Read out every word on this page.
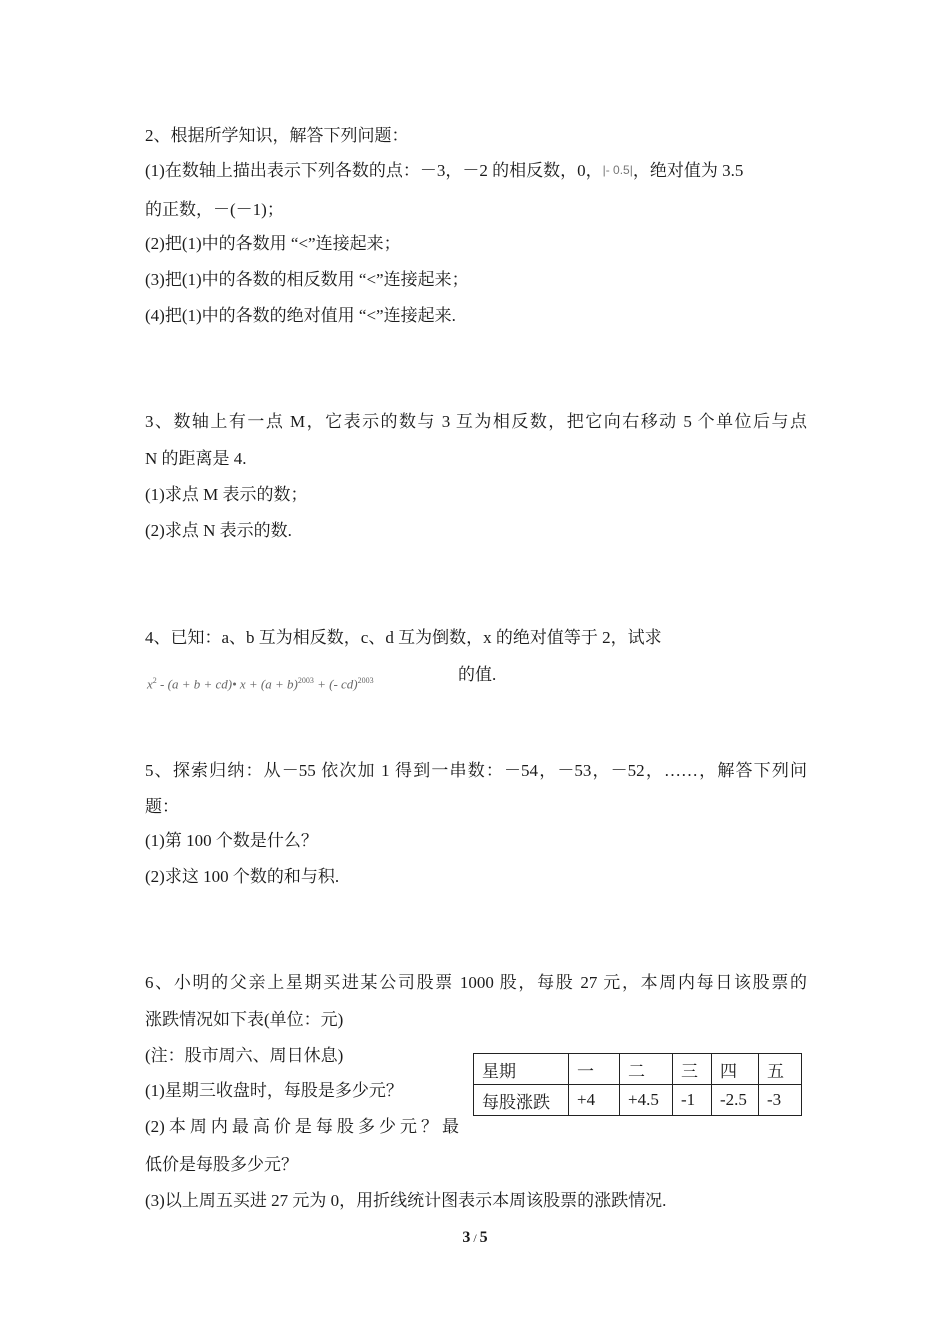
2、根据所学知识，解答下列问题：
(1)在数轴上描出表示下列各数的点：－3，－2 的相反数，0，|- 0.5|，绝对值为 3.5
的正数，－(－1)；
(2)把(1)中的各数用 “<”连接起来；
(3)把(1)中的各数的相反数用 “<”连接起来；
(4)把(1)中的各数的绝对值用 “<”连接起来.
3、数轴上有一点 M，它表示的数与 3 互为相反数，把它向右移动 5 个单位后与点
N 的距离是 4.
(1)求点 M 表示的数；
(2)求点 N 表示的数.
4、已知：a、b 互为相反数，c、d 互为倒数，x 的绝对值等于 2，试求
$x^2 - (a + b$ + cd)• $x + (a + b)^{2003}$ + (- cd)$^{2003}$	的值.
5、探索归纳：从－55 依次加 1 得到一串数：－54，－53，－52，……，解答下列问
题：
(1)第 100 个数是什么？
(2)求这 100 个数的和与积.
6、小明的父亲上星期买进某公司股票 1000 股，每股 27 元，本周内每日该股票的
涨跌情况如下表(单位：元)
(注：股市周六、周日休息)
(1)星期三收盘时，每股是多少元？
(2)本周内最高价是每股多少元？最
低价是每股多少元？
(3)以上周五买进 27 元为 0，用折线统计图表示本周该股票的涨跌情况.
星期	一	二	三	四	五
每股涨跌	+4	+4.5	-1	-2.5	-3
3 / 5
